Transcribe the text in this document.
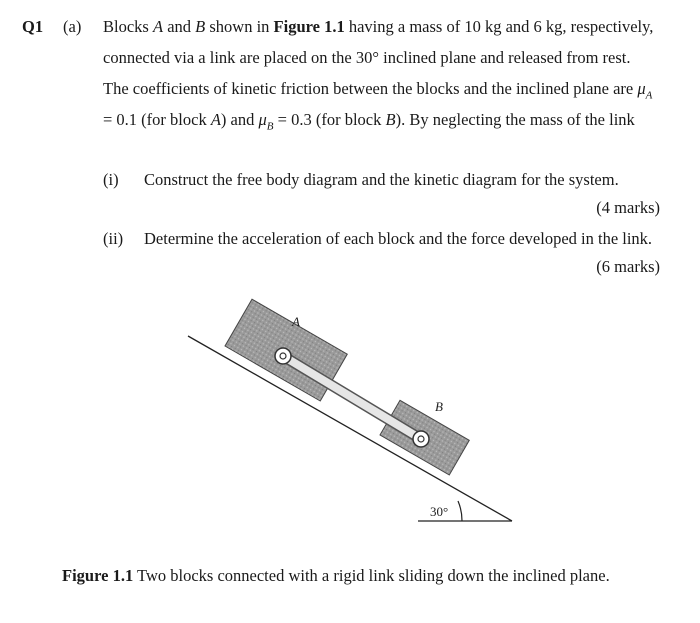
Q1 (a) Blocks A and B shown in Figure 1.1 having a mass of 10 kg and 6 kg, respectively,
connected via a link are placed on the 30° inclined plane and released from rest.
The coefficients of kinetic friction between the blocks and the inclined plane are $\mu_A$
= 0.1 (for block A) and $\mu_B = 0.3$ (for block B). By neglecting the mass of the link
(i) Construct the free body diagram and the kinetic diagram for the system.
(4 marks)
(ii) Determine the acceleration of each block and the force developed in the link.
(6 marks)
A
B
30°
Figure 1.1 Two blocks connected with a rigid link sliding down the inclined plane.
